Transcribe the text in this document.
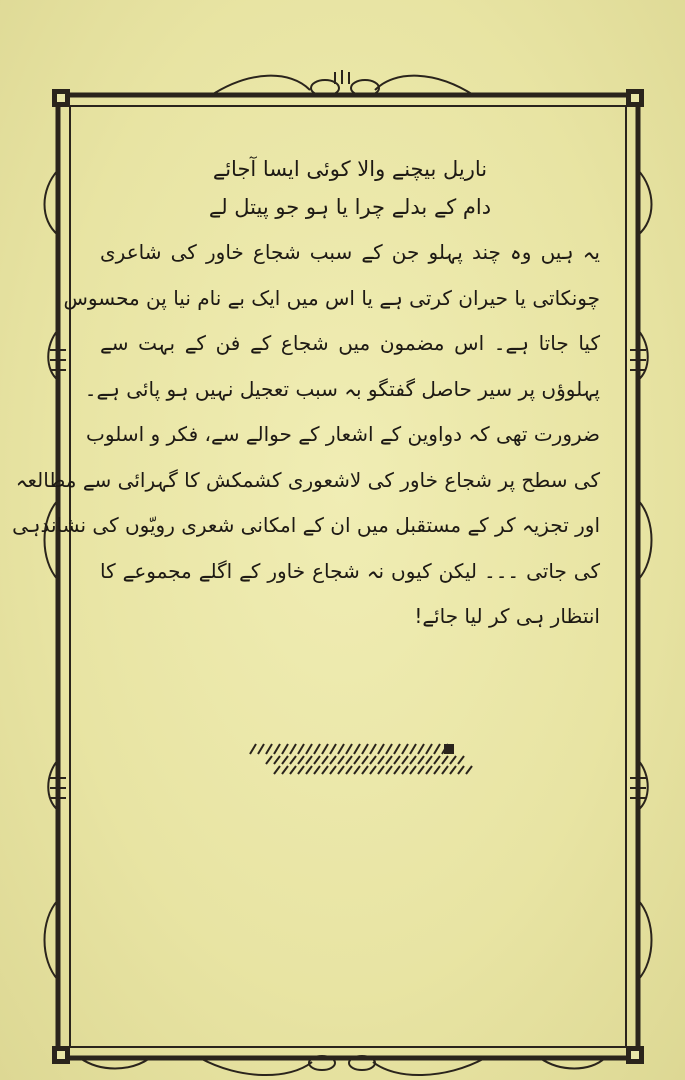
ناریل بیچنے والا کوئی ایسا آجائے

دام کے بدلے چرا یا ہو جو پیتل لے

یہ ہیں وہ چند پہلو جن کے سبب شجاع خاور کی شاعری

چونکاتی یا حیران کرتی ہے یا اس میں ایک بے نام نیا پن محسوس

کیا جاتا ہے۔ اس مضمون میں شجاع کے فن کے بہت سے

پہلوؤں پر سیر حاصل گفتگو بہ سبب تعجیل نہیں ہو پائی ہے۔

ضرورت تھی کہ دواوین کے اشعار کے حوالے سے، فکر و اسلوب

کی سطح پر شجاع خاور کی لاشعوری کشمکش کا گہرائی سے مطالعہ

اور تجزیہ کر کے مستقبل میں ان کے امکانی شعری رویّوں کی نشاندہی

کی جاتی ۔۔۔ لیکن کیوں نہ شجاع خاور کے اگلے مجموعے کا

انتظار ہی کر لیا جائے!
